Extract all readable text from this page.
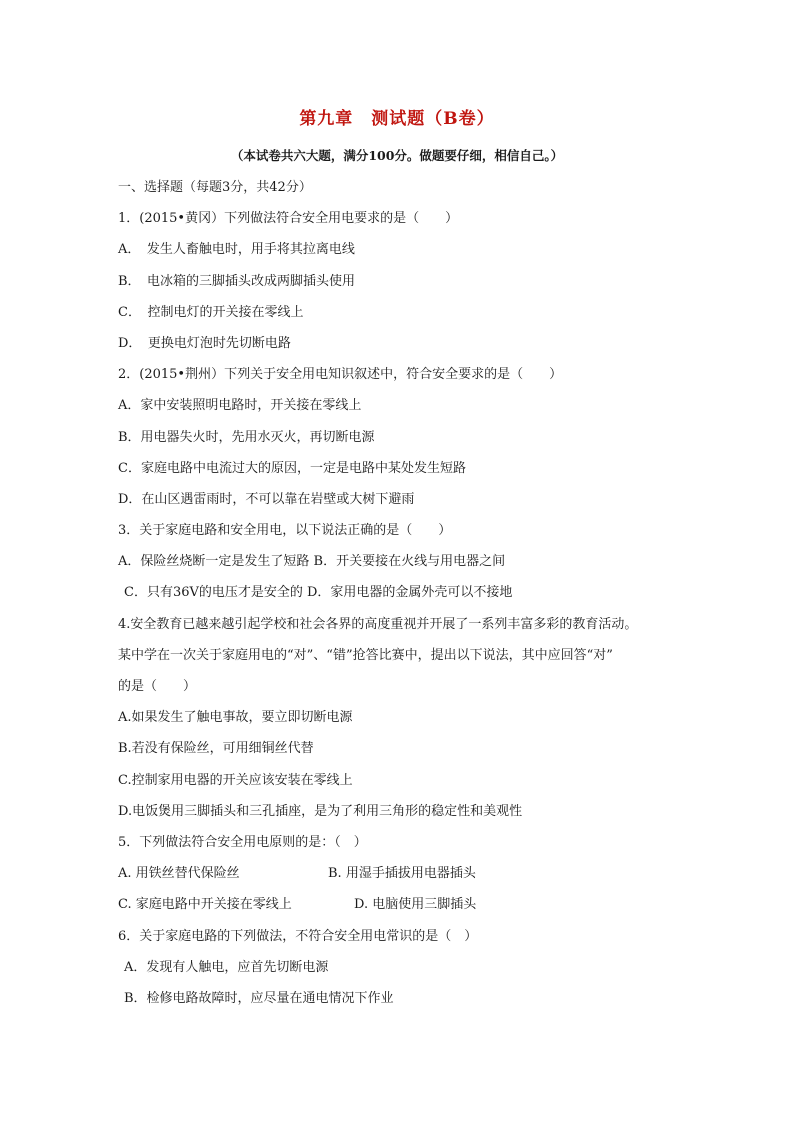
第九章　测试题（B卷）
（本试卷共六大题，满分100分。做题要仔细，相信自己。）
一、选择题（每题3分，共42分）
1．(2015•黄冈）下列做法符合安全用电要求的是（　　）
A．　发生人畜触电时，用手将其拉离电线
B．　电冰箱的三脚插头改成两脚插头使用
C．　控制电灯的开关接在零线上
D．　更换电灯泡时先切断电路
2．(2015•荆州）下列关于安全用电知识叙述中，符合安全要求的是（　　）
A．家中安装照明电路时，开关接在零线上
B．用电器失火时，先用水灭火，再切断电源
C．家庭电路中电流过大的原因，一定是电路中某处发生短路
D．在山区遇雷雨时，不可以靠在岩壁或大树下避雨
3．关于家庭电路和安全用电，以下说法正确的是（　　）
A．保险丝烧断一定是发生了短路 B．开关要接在火线与用电器之间
C．只有36V的电压才是安全的 D．家用电器的金属外壳可以不接地
4.安全教育已越来越引起学校和社会各界的高度重视并开展了一系列丰富多彩的教育活动。
某中学在一次关于家庭用电的“对”、“错”抢答比赛中，提出以下说法，其中应回答“对”
的是（　　）
A.如果发生了触电事故，要立即切断电源
B.若没有保险丝，可用细铜丝代替
C.控制家用电器的开关应该安装在零线上
D.电饭煲用三脚插头和三孔插座，是为了利用三角形的稳定性和美观性
5．下列做法符合安全用电原则的是：（　）
A. 用铁丝替代保险丝	B. 用湿手插拔用电器插头
C. 家庭电路中开关接在零线上	D. 电脑使用三脚插头
6．关于家庭电路的下列做法，不符合安全用电常识的是（　）
A．发现有人触电，应首先切断电源
B．检修电路故障时，应尽量在通电情况下作业
